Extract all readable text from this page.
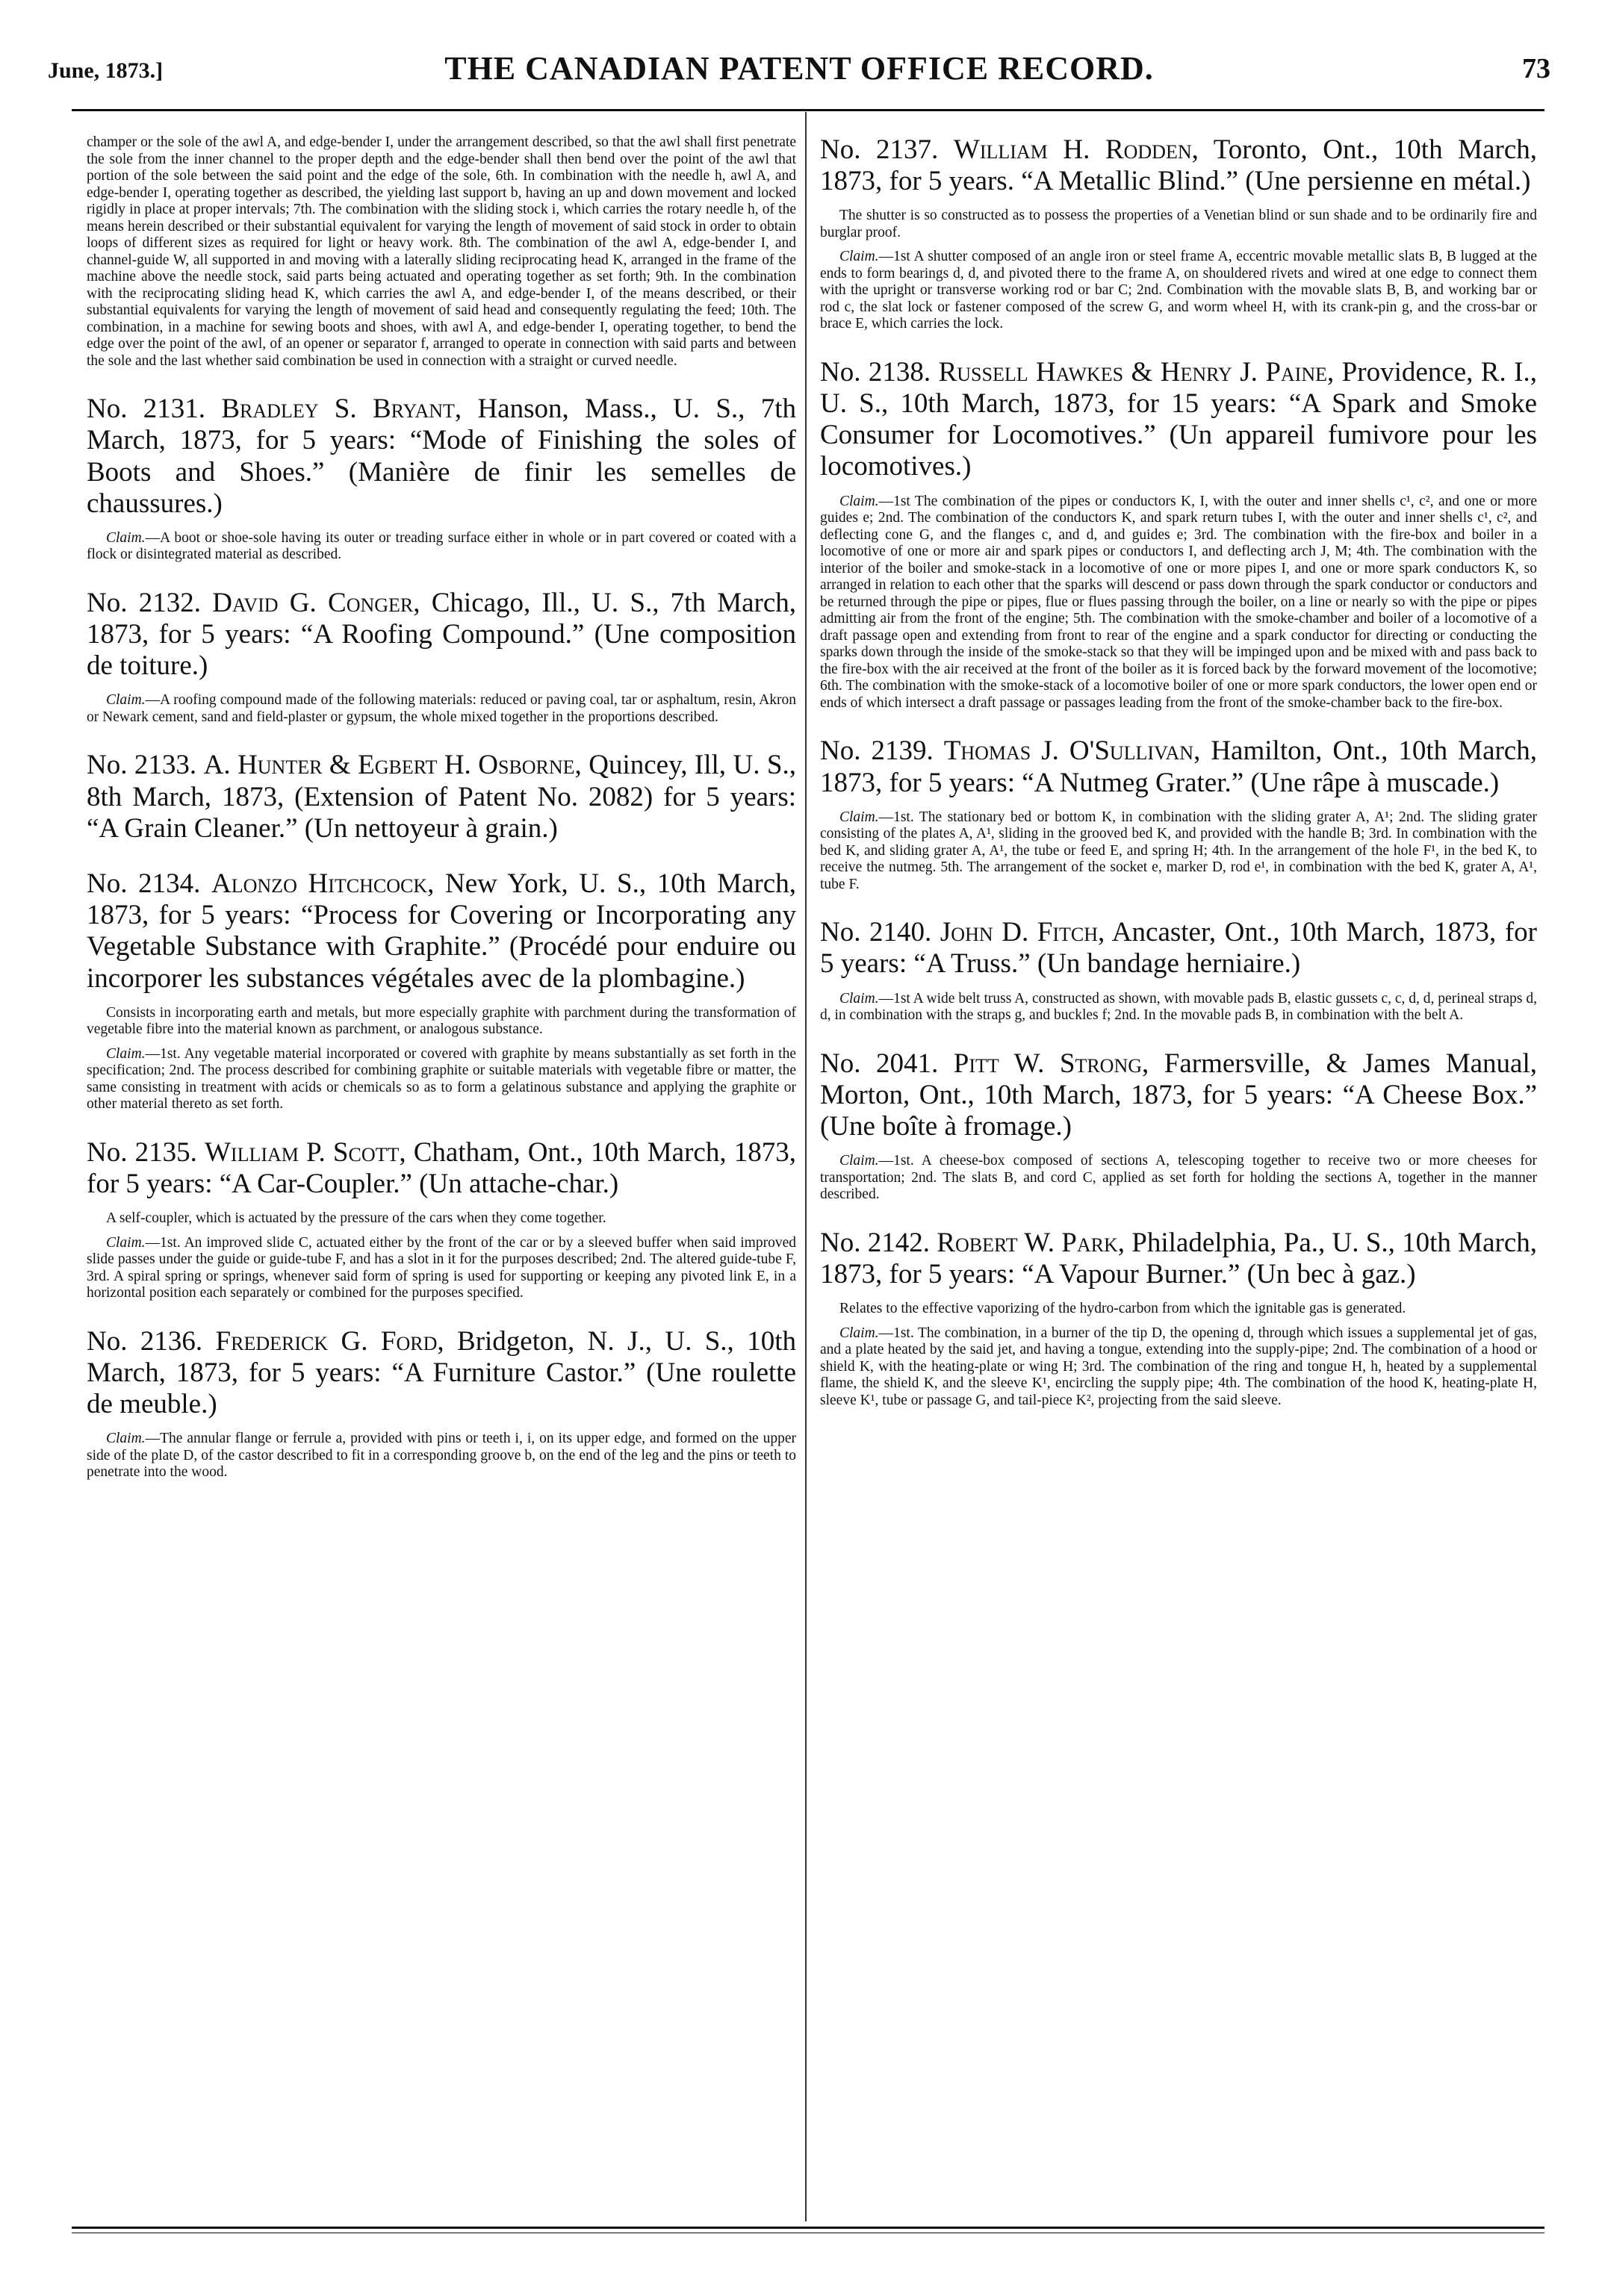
June, 1873.]	THE CANADIAN PATENT OFFICE RECORD.	73

champer or the sole of the awl A, and edge-bender I, under the arrangement described, so that the awl shall first penetrate the sole from the inner channel to the proper depth and the edge-bender shall then bend over the point of the awl that portion of the sole between the said point and the edge of the sole, 6th. In combination with the needle h, awl A, and edge-bender I, operating together as described, the yielding last support b, having an up and down movement and locked rigidly in place at proper intervals; 7th. The combination with the sliding stock i, which carries the rotary needle h, of the means herein described or their substantial equivalent for varying the length of movement of said stock in order to obtain loops of different sizes as required for light or heavy work. 8th. The combination of the awl A, edge-bender I, and channel-guide W, all supported in and moving with a laterally sliding reciprocating head K, arranged in the frame of the machine above the needle stock, said parts being actuated and operating together as set forth; 9th. In the combination with the reciprocating sliding head K, which carries the awl A, and edge-bender I, of the means described, or their substantial equivalents for varying the length of movement of said head and consequently regulating the feed; 10th. The combination, in a machine for sewing boots and shoes, with awl A, and edge-bender I, operating together, to bend the edge over the point of the awl, of an opener or separator f, arranged to operate in connection with said parts and between the sole and the last whether said combination be used in connection with a straight or curved needle.

No. 2131. Bradley S. Bryant, Hanson, Mass., U. S., 7th March, 1873, for 5 years: “Mode of Finishing the soles of Boots and Shoes.” (Manière de finir les semelles de chaussures.)

Claim.—A boot or shoe-sole having its outer or treading surface either in whole or in part covered or coated with a flock or disintegrated material as described.

No. 2132. David G. Conger, Chicago, Ill., U. S., 7th March, 1873, for 5 years: “A Roofing Compound.” (Une composition de toiture.)

Claim.—A roofing compound made of the following materials: reduced or paving coal, tar or asphaltum, resin, Akron or Newark cement, sand and field-plaster or gypsum, the whole mixed together in the proportions described.

No. 2133. A. Hunter & Egbert H. Osborne, Quincey, Ill, U. S., 8th March, 1873, (Extension of Patent No. 2082) for 5 years: “A Grain Cleaner.” (Un nettoyeur à grain.)

No. 2134. Alonzo Hitchcock, New York, U. S., 10th March, 1873, for 5 years: “Process for Covering or Incorporating any Vegetable Substance with Graphite.” (Procédé pour enduire ou incorporer les substances végétales avec de la plombagine.)

Consists in incorporating earth and metals, but more especially graphite with parchment during the transformation of vegetable fibre into the material known as parchment, or analogous substance.

Claim.—1st. Any vegetable material incorporated or covered with graphite by means substantially as set forth in the specification; 2nd. The process described for combining graphite or suitable materials with vegetable fibre or matter, the same consisting in treatment with acids or chemicals so as to form a gelatinous substance and applying the graphite or other material thereto as set forth.

No. 2135. William P. Scott, Chatham, Ont., 10th March, 1873, for 5 years: “A Car-Coupler.” (Un attache-char.)

A self-coupler, which is actuated by the pressure of the cars when they come together.

Claim.—1st. An improved slide C, actuated either by the front of the car or by a sleeved buffer when said improved slide passes under the guide or guide-tube F, and has a slot in it for the purposes described; 2nd. The altered guide-tube F, 3rd. A spiral spring or springs, whenever said form of spring is used for supporting or keeping any pivoted link E, in a horizontal position each separately or combined for the purposes specified.

No. 2136. Frederick G. Ford, Bridgeton, N. J., U. S., 10th March, 1873, for 5 years: “A Furniture Castor.” (Une roulette de meuble.)

Claim.—The annular flange or ferrule a, provided with pins or teeth i, i, on its upper edge, and formed on the upper side of the plate D, of the castor described to fit in a corresponding groove b, on the end of the leg and the pins or teeth to penetrate into the wood.

No. 2137. William H. Rodden, Toronto, Ont., 10th March, 1873, for 5 years. “A Metallic Blind.” (Une persienne en métal.)

The shutter is so constructed as to possess the properties of a Venetian blind or sun shade and to be ordinarily fire and burglar proof.

Claim.—1st A shutter composed of an angle iron or steel frame A, eccentric movable metallic slats B, B lugged at the ends to form bearings d, d, and pivoted there to the frame A, on shouldered rivets and wired at one edge to connect them with the upright or transverse working rod or bar C; 2nd. Combination with the movable slats B, B, and working bar or rod c, the slat lock or fastener composed of the screw G, and worm wheel H, with its crank-pin g, and the cross-bar or brace E, which carries the lock.

No. 2138. Russell Hawkes & Henry J. Paine, Providence, R. I., U. S., 10th March, 1873, for 15 years: “A Spark and Smoke Consumer for Locomotives.” (Un appareil fumivore pour les locomotives.)

Claim.—1st The combination of the pipes or conductors K, I, with the outer and inner shells c¹, c², and one or more guides e; 2nd. The combination of the conductors K, and spark return tubes I, with the outer and inner shells c¹, c², and deflecting cone G, and the flanges c, and d, and guides e; 3rd. The combination with the fire-box and boiler in a locomotive of one or more air and spark pipes or conductors I, and deflecting arch J, M; 4th. The combination with the interior of the boiler and smoke-stack in a locomotive of one or more pipes I, and one or more spark conductors K, so arranged in relation to each other that the sparks will descend or pass down through the spark conductor or conductors and be returned through the pipe or pipes, flue or flues passing through the boiler, on a line or nearly so with the pipe or pipes admitting air from the front of the engine; 5th. The combination with the smoke-chamber and boiler of a locomotive of a draft passage open and extending from front to rear of the engine and a spark conductor for directing or conducting the sparks down through the inside of the smoke-stack so that they will be impinged upon and be mixed with and pass back to the fire-box with the air received at the front of the boiler as it is forced back by the forward movement of the locomotive; 6th. The combination with the smoke-stack of a locomotive boiler of one or more spark conductors, the lower open end or ends of which intersect a draft passage or passages leading from the front of the smoke-chamber back to the fire-box.

No. 2139. Thomas J. O'Sullivan, Hamilton, Ont., 10th March, 1873, for 5 years: “A Nutmeg Grater.” (Une râpe à muscade.)

Claim.—1st. The stationary bed or bottom K, in combination with the sliding grater A, A¹; 2nd. The sliding grater consisting of the plates A, A¹, sliding in the grooved bed K, and provided with the handle B; 3rd. In combination with the bed K, and sliding grater A, A¹, the tube or feed E, and spring H; 4th. In the arrangement of the hole F¹, in the bed K, to receive the nutmeg. 5th. The arrangement of the socket e, marker D, rod e¹, in combination with the bed K, grater A, A¹, tube F.

No. 2140. John D. Fitch, Ancaster, Ont., 10th March, 1873, for 5 years: “A Truss.” (Un bandage herniaire.)

Claim.—1st A wide belt truss A, constructed as shown, with movable pads B, elastic gussets c, c, d, d, perineal straps d, d, in combination with the straps g, and buckles f; 2nd. In the movable pads B, in combination with the belt A.

No. 2041. Pitt W. Strong, Farmersville, & James Manual, Morton, Ont., 10th March, 1873, for 5 years: “A Cheese Box.” (Une boîte à fromage.)

Claim.—1st. A cheese-box composed of sections A, telescoping together to receive two or more cheeses for transportation; 2nd. The slats B, and cord C, applied as set forth for holding the sections A, together in the manner described.

No. 2142. Robert W. Park, Philadelphia, Pa., U. S., 10th March, 1873, for 5 years: “A Vapour Burner.” (Un bec à gaz.)

Relates to the effective vaporizing of the hydro-carbon from which the ignitable gas is generated.

Claim.—1st. The combination, in a burner of the tip D, the opening d, through which issues a supplemental jet of gas, and a plate heated by the said jet, and having a tongue, extending into the supply-pipe; 2nd. The combination of a hood or shield K, with the heating-plate or wing H; 3rd. The combination of the ring and tongue H, h, heated by a supplemental flame, the shield K, and the sleeve K¹, encircling the supply pipe; 4th. The combination of the hood K, heating-plate H, sleeve K¹, tube or passage G, and tail-piece K², projecting from the said sleeve.
